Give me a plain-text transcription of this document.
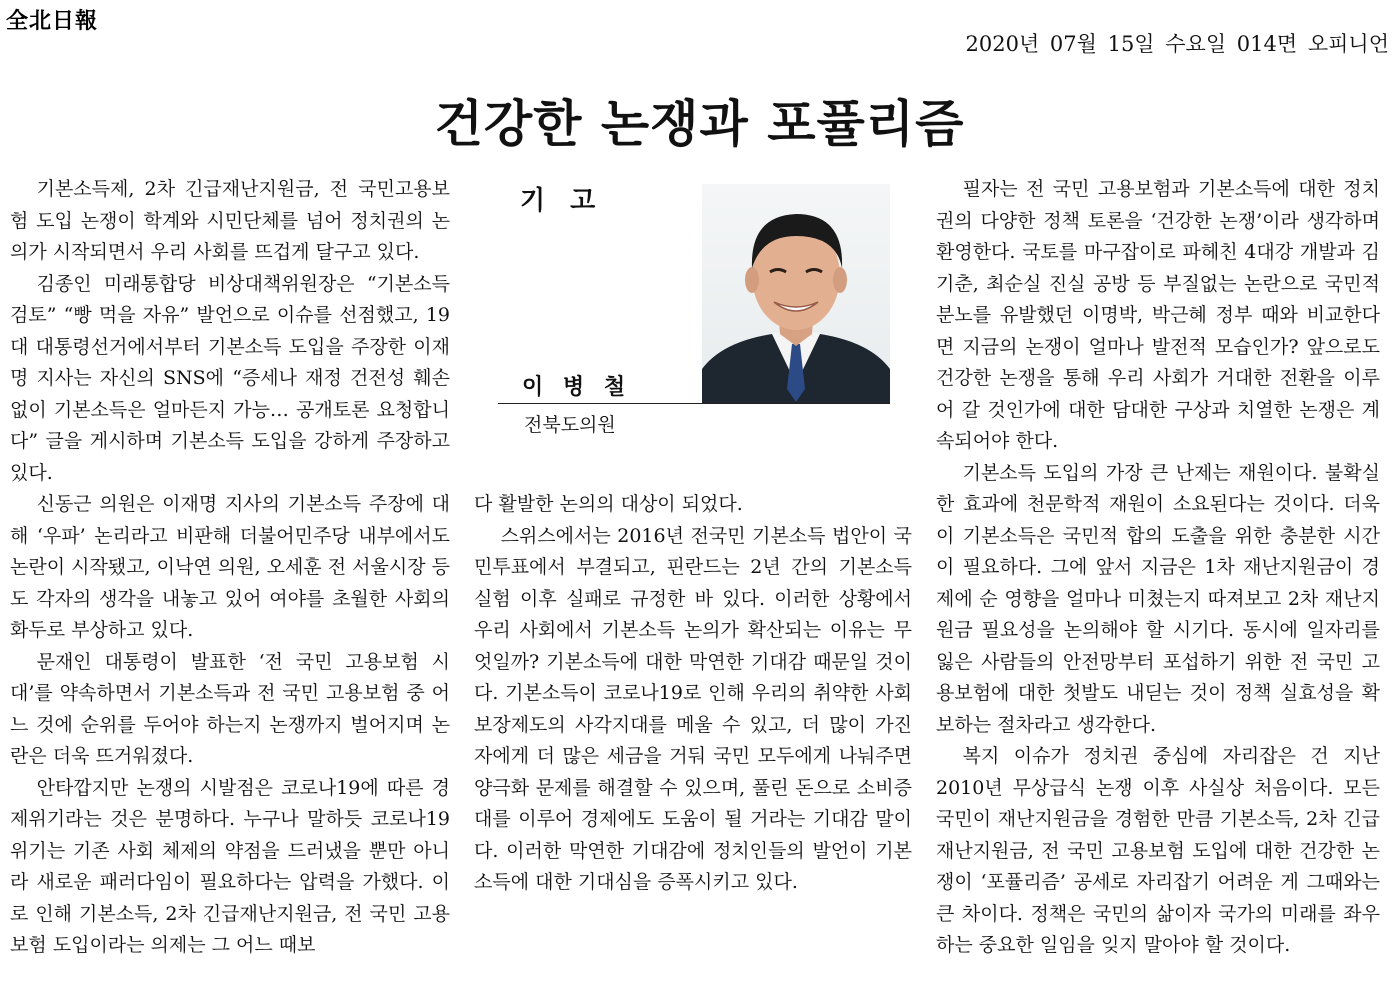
全北日報
2020년 07월 15일 수요일 014면 오피니언
건강한 논쟁과 포퓰리즘

기본소득제, 2차 긴급재난지원금, 전 국민고용보험 도입 논쟁이 학계와 시민단체를 넘어 정치권의 논의가 시작되면서 우리 사회를 뜨겁게 달구고 있다.

김종인 미래통합당 비상대책위원장은 “기본소득 검토” “빵 먹을 자유” 발언으로 이슈를 선점했고, 19대 대통령선거에서부터 기본소득 도입을 주장한 이재명 지사는 자신의 SNS에 “증세나 재정 건전성 훼손 없이 기본소득은 얼마든지 가능… 공개토론 요청합니다” 글을 게시하며 기본소득 도입을 강하게 주장하고 있다.

신동근 의원은 이재명 지사의 기본소득 주장에 대해 ‘우파’ 논리라고 비판해 더불어민주당 내부에서도 논란이 시작됐고, 이낙연 의원, 오세훈 전 서울시장 등도 각자의 생각을 내놓고 있어 여야를 초월한 사회의 화두로 부상하고 있다.

문재인 대통령이 발표한 ‘전 국민 고용보험 시대’를 약속하면서 기본소득과 전 국민 고용보험 중 어느 것에 순위를 두어야 하는지 논쟁까지 벌어지며 논란은 더욱 뜨거워졌다.

안타깝지만 논쟁의 시발점은 코로나19에 따른 경제위기라는 것은 분명하다. 누구나 말하듯 코로나19 위기는 기존 사회 체제의 약점을 드러냈을 뿐만 아니라 새로운 패러다임이 필요하다는 압력을 가했다. 이로 인해 기본소득, 2차 긴급재난지원금, 전 국민 고용보험 도입이라는 의제는 그 어느 때보

기 고
이 병 철
전북도의원

다 활발한 논의의 대상이 되었다.

스위스에서는 2016년 전국민 기본소득 법안이 국민투표에서 부결되고, 핀란드는 2년 간의 기본소득 실험 이후 실패로 규정한 바 있다. 이러한 상황에서 우리 사회에서 기본소득 논의가 확산되는 이유는 무엇일까? 기본소득에 대한 막연한 기대감 때문일 것이다. 기본소득이 코로나19로 인해 우리의 취약한 사회보장제도의 사각지대를 메울 수 있고, 더 많이 가진 자에게 더 많은 세금을 거둬 국민 모두에게 나눠주면 양극화 문제를 해결할 수 있으며, 풀린 돈으로 소비증대를 이루어 경제에도 도움이 될 거라는 기대감 말이다. 이러한 막연한 기대감에 정치인들의 발언이 기본소득에 대한 기대심을 증폭시키고 있다.

필자는 전 국민 고용보험과 기본소득에 대한 정치권의 다양한 정책 토론을 ‘건강한 논쟁’이라 생각하며 환영한다. 국토를 마구잡이로 파헤친 4대강 개발과 김기춘, 최순실 진실 공방 등 부질없는 논란으로 국민적 분노를 유발했던 이명박, 박근혜 정부 때와 비교한다면 지금의 논쟁이 얼마나 발전적 모습인가? 앞으로도 건강한 논쟁을 통해 우리 사회가 거대한 전환을 이루어 갈 것인가에 대한 담대한 구상과 치열한 논쟁은 계속되어야 한다.

기본소득 도입의 가장 큰 난제는 재원이다. 불확실한 효과에 천문학적 재원이 소요된다는 것이다. 더욱이 기본소득은 국민적 합의 도출을 위한 충분한 시간이 필요하다. 그에 앞서 지금은 1차 재난지원금이 경제에 순 영향을 얼마나 미쳤는지 따져보고 2차 재난지원금 필요성을 논의해야 할 시기다. 동시에 일자리를 잃은 사람들의 안전망부터 포섭하기 위한 전 국민 고용보험에 대한 첫발도 내딛는 것이 정책 실효성을 확보하는 절차라고 생각한다.

복지 이슈가 정치권 중심에 자리잡은 건 지난 2010년 무상급식 논쟁 이후 사실상 처음이다. 모든 국민이 재난지원금을 경험한 만큼 기본소득, 2차 긴급재난지원금, 전 국민 고용보험 도입에 대한 건강한 논쟁이 ‘포퓰리즘’ 공세로 자리잡기 어려운 게 그때와는 큰 차이다. 정책은 국민의 삶이자 국가의 미래를 좌우하는 중요한 일임을 잊지 말아야 할 것이다.
